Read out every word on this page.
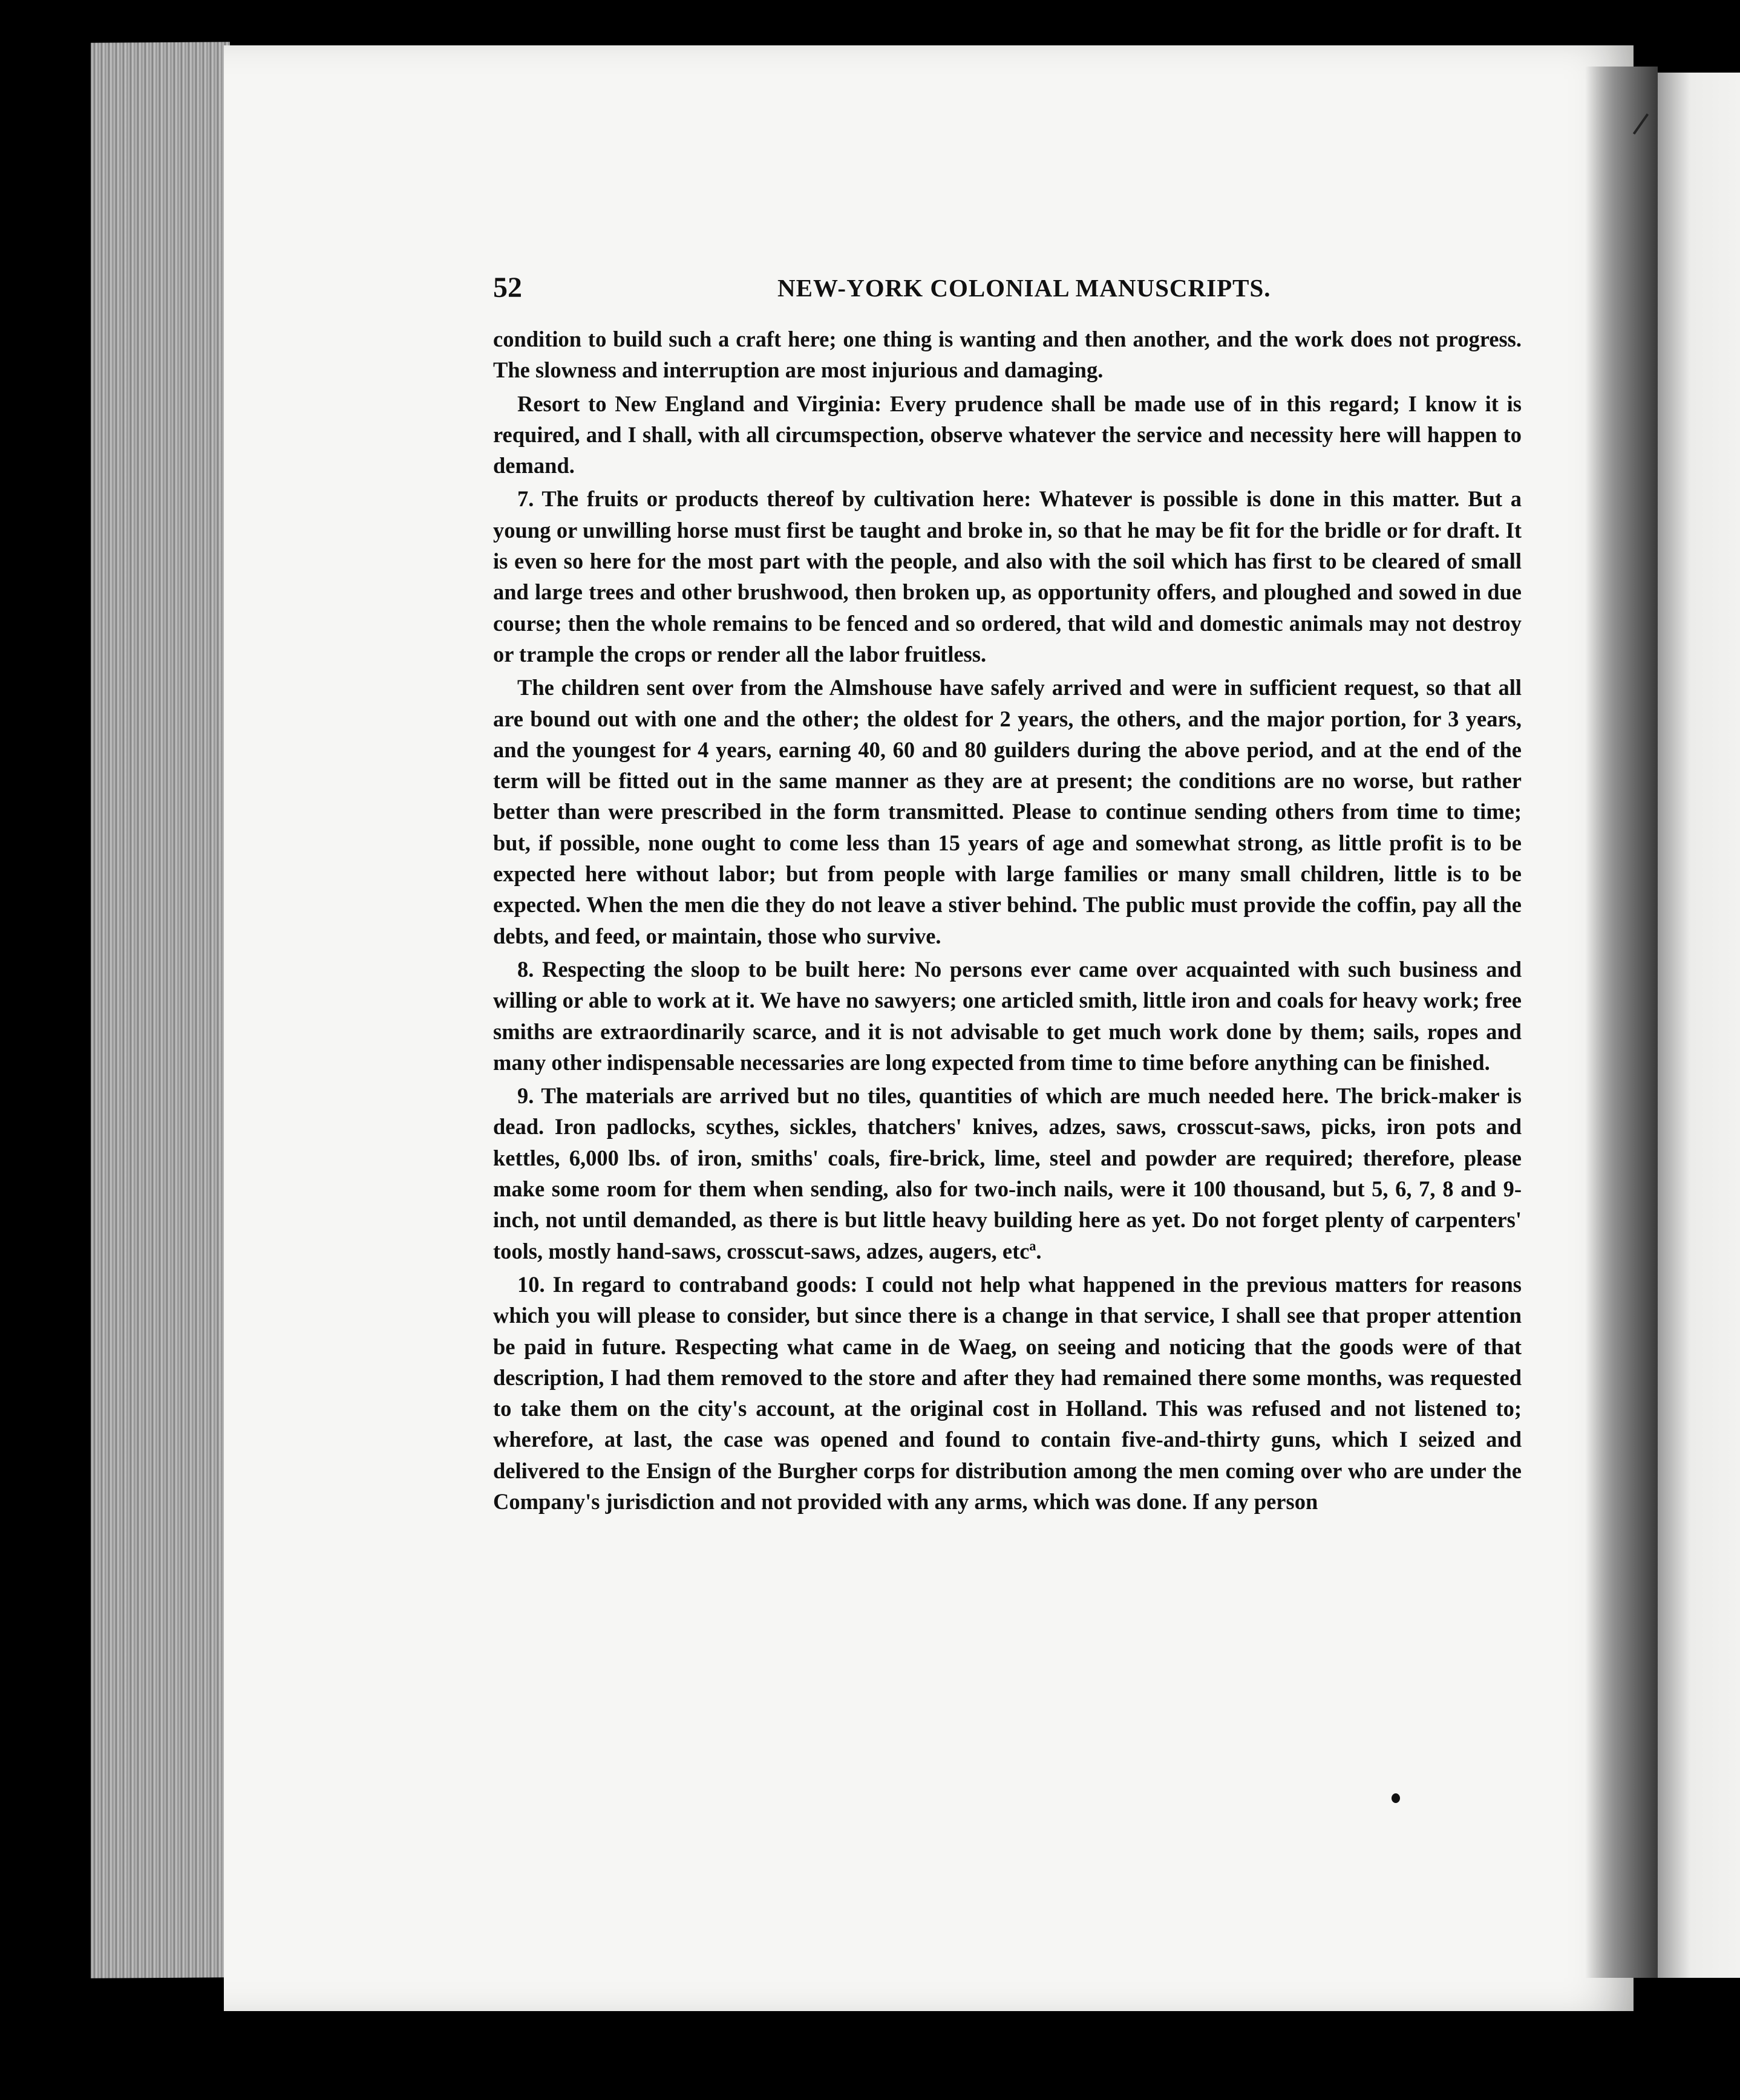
52	NEW-YORK COLONIAL MANUSCRIPTS.

condition to build such a craft here; one thing is wanting and then another, and the work does not progress. The slowness and interruption are most injurious and damaging.

Resort to New England and Virginia: Every prudence shall be made use of in this regard; I know it is required, and I shall, with all circumspection, observe whatever the service and necessity here will happen to demand.

7. The fruits or products thereof by cultivation here: Whatever is possible is done in this matter. But a young or unwilling horse must first be taught and broke in, so that he may be fit for the bridle or for draft. It is even so here for the most part with the people, and also with the soil which has first to be cleared of small and large trees and other brushwood, then broken up, as opportunity offers, and ploughed and sowed in due course; then the whole remains to be fenced and so ordered, that wild and domestic animals may not destroy or trample the crops or render all the labor fruitless.

The children sent over from the Almshouse have safely arrived and were in sufficient request, so that all are bound out with one and the other; the oldest for 2 years, the others, and the major portion, for 3 years, and the youngest for 4 years, earning 40, 60 and 80 guilders during the above period, and at the end of the term will be fitted out in the same manner as they are at present; the conditions are no worse, but rather better than were prescribed in the form transmitted. Please to continue sending others from time to time; but, if possible, none ought to come less than 15 years of age and somewhat strong, as little profit is to be expected here without labor; but from people with large families or many small children, little is to be expected. When the men die they do not leave a stiver behind. The public must provide the coffin, pay all the debts, and feed, or maintain, those who survive.

8. Respecting the sloop to be built here: No persons ever came over acquainted with such business and willing or able to work at it. We have no sawyers; one articled smith, little iron and coals for heavy work; free smiths are extraordinarily scarce, and it is not advisable to get much work done by them; sails, ropes and many other indispensable necessaries are long expected from time to time before anything can be finished.

9. The materials are arrived but no tiles, quantities of which are much needed here. The brick-maker is dead. Iron padlocks, scythes, sickles, thatchers' knives, adzes, saws, crosscut-saws, picks, iron pots and kettles, 6,000 lbs. of iron, smiths' coals, fire-brick, lime, steel and powder are required; therefore, please make some room for them when sending, also for two-inch nails, were it 100 thousand, but 5, 6, 7, 8 and 9-inch, not until demanded, as there is but little heavy building here as yet. Do not forget plenty of carpenters' tools, mostly hand-saws, crosscut-saws, adzes, augers, etcª.

10. In regard to contraband goods: I could not help what happened in the previous matters for reasons which you will please to consider, but since there is a change in that service, I shall see that proper attention be paid in future. Respecting what came in de Waeg, on seeing and noticing that the goods were of that description, I had them removed to the store and after they had remained there some months, was requested to take them on the city's account, at the original cost in Holland. This was refused and not listened to; wherefore, at last, the case was opened and found to contain five-and-thirty guns, which I seized and delivered to the Ensign of the Burgher corps for distribution among the men coming over who are under the Company's jurisdiction and not provided with any arms, which was done. If any person
